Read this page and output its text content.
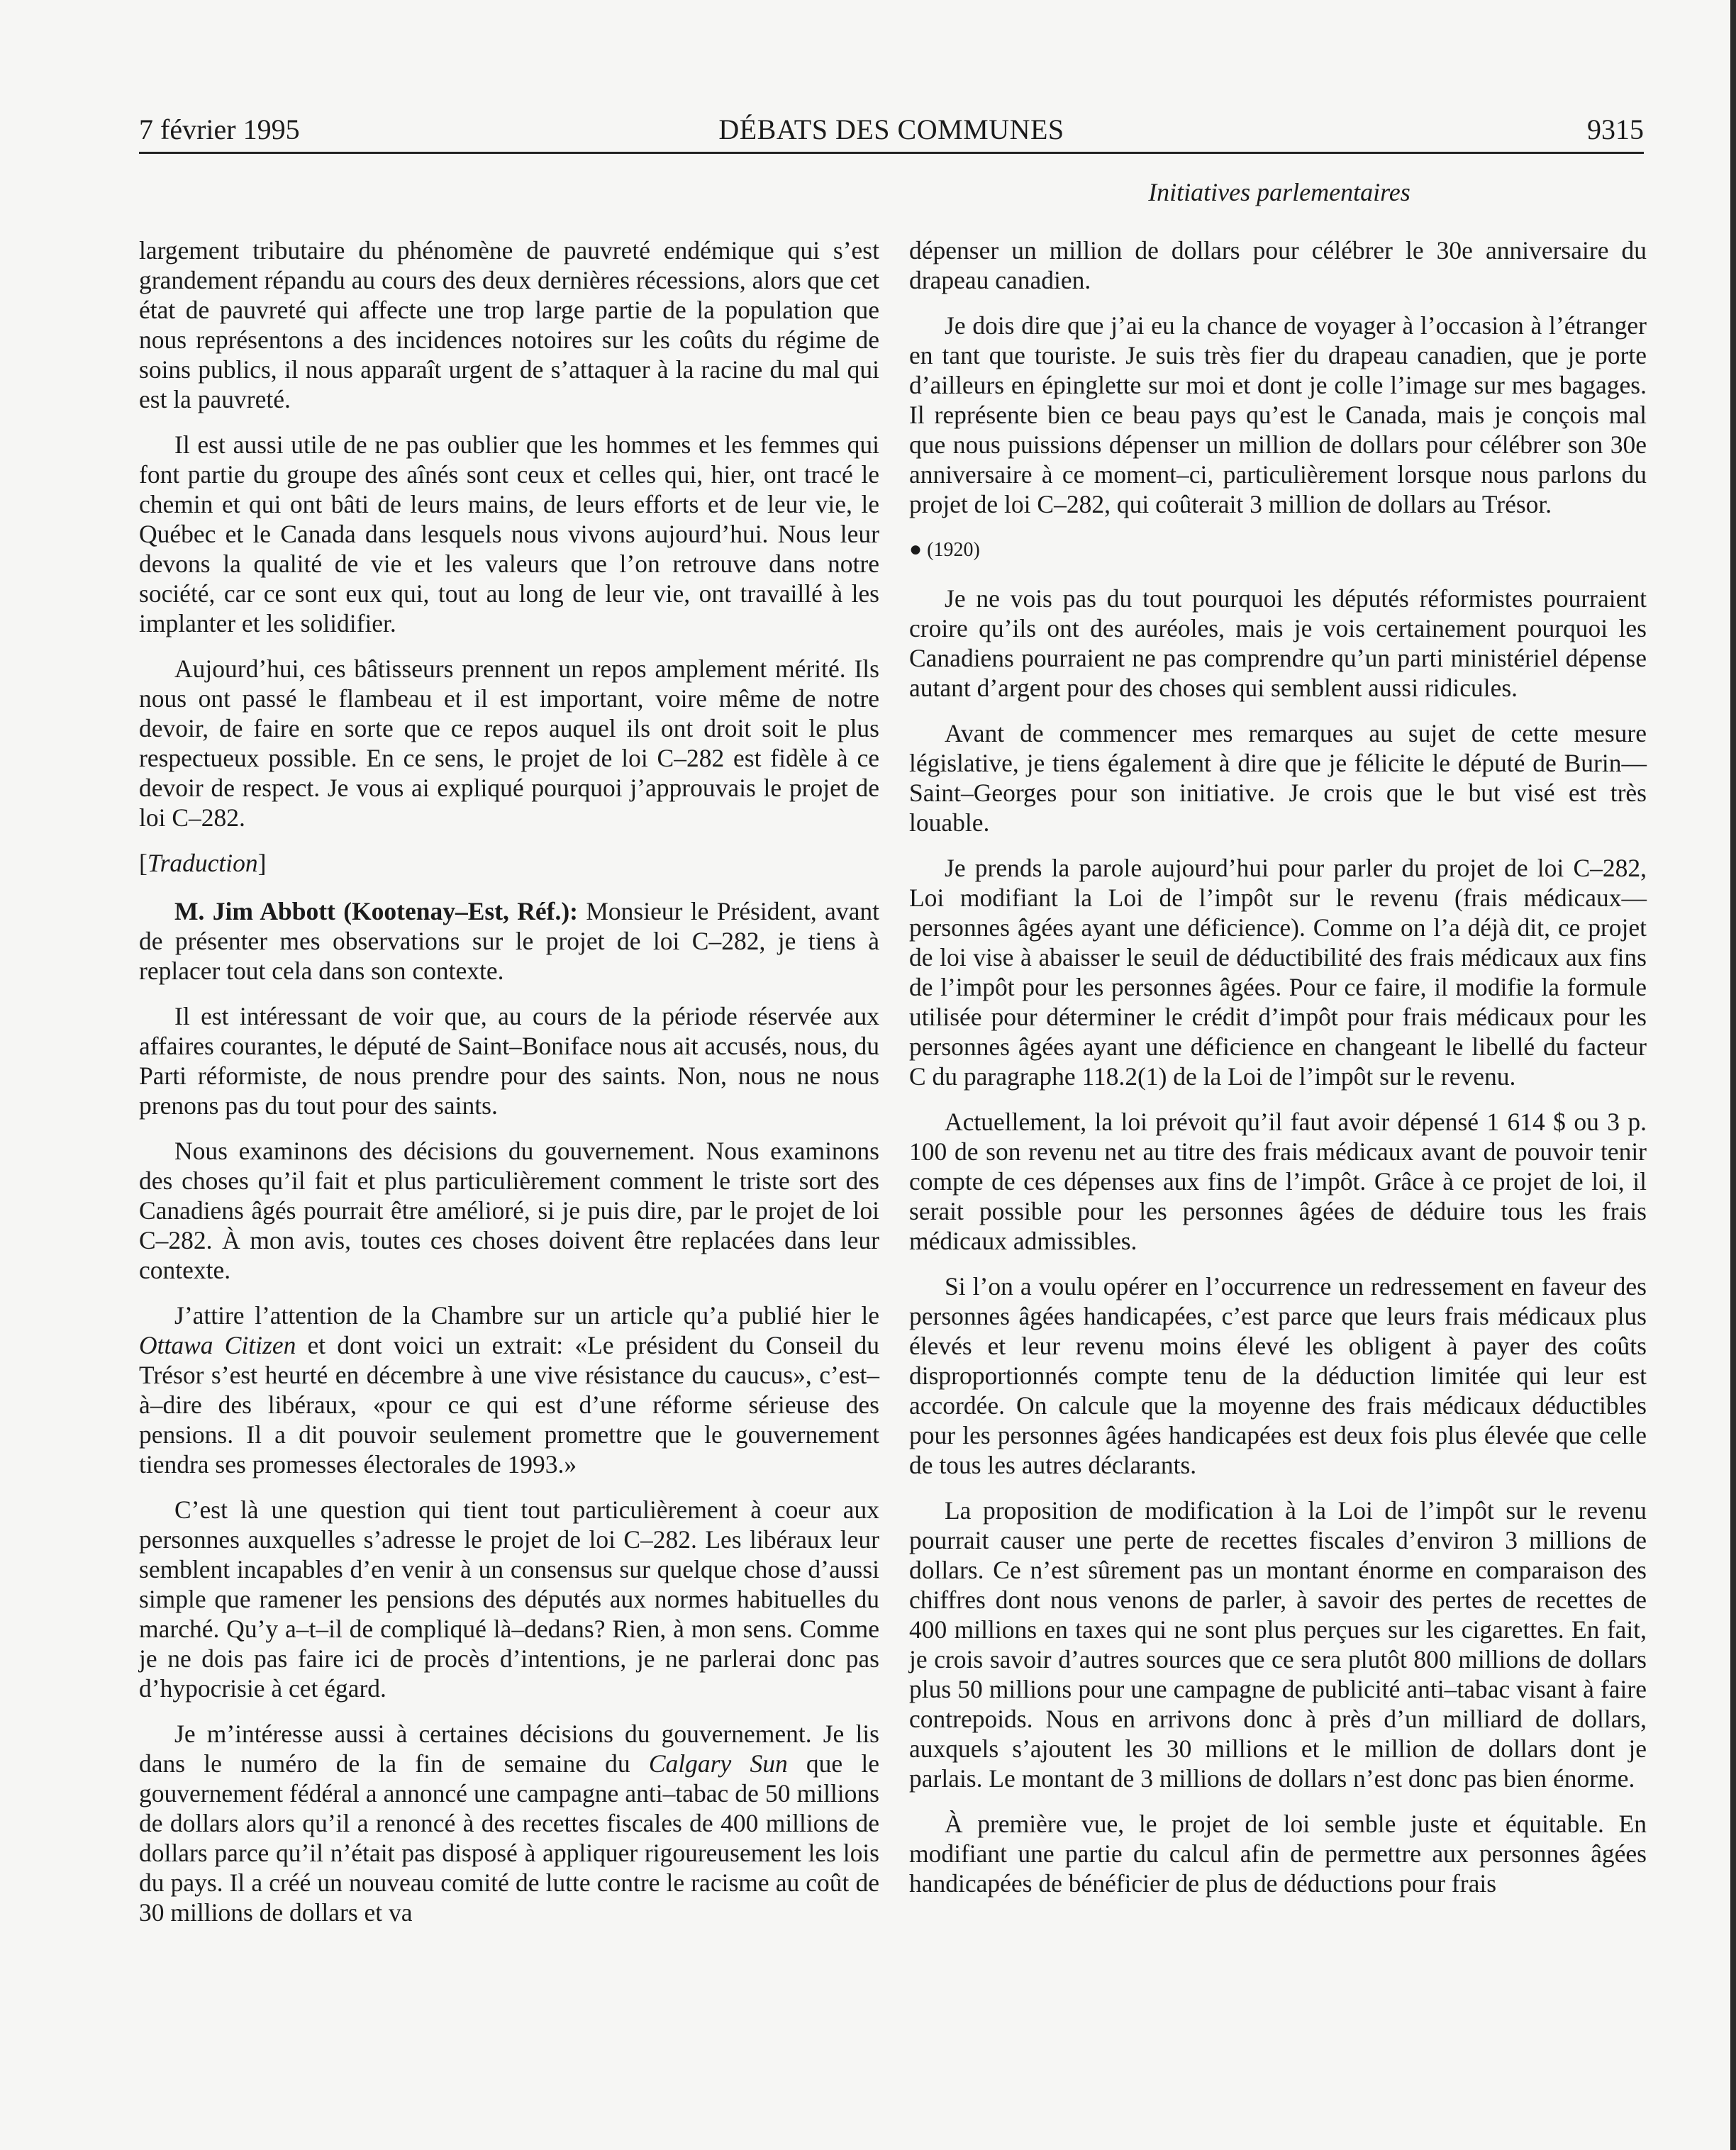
7 février 1995	DÉBATS DES COMMUNES	9315
Initiatives parlementaires

largement tributaire du phénomène de pauvreté endémique qui s’est grandement répandu au cours des deux dernières récessions, alors que cet état de pauvreté qui affecte une trop large partie de la population que nous représentons a des incidences notoires sur les coûts du régime de soins publics, il nous apparaît urgent de s’attaquer à la racine du mal qui est la pauvreté.

Il est aussi utile de ne pas oublier que les hommes et les femmes qui font partie du groupe des aînés sont ceux et celles qui, hier, ont tracé le chemin et qui ont bâti de leurs mains, de leurs efforts et de leur vie, le Québec et le Canada dans lesquels nous vivons aujourd’hui. Nous leur devons la qualité de vie et les valeurs que l’on retrouve dans notre société, car ce sont eux qui, tout au long de leur vie, ont travaillé à les implanter et les solidifier.

Aujourd’hui, ces bâtisseurs prennent un repos amplement mérité. Ils nous ont passé le flambeau et il est important, voire même de notre devoir, de faire en sorte que ce repos auquel ils ont droit soit le plus respectueux possible. En ce sens, le projet de loi C–282 est fidèle à ce devoir de respect. Je vous ai expliqué pourquoi j’approuvais le projet de loi C–282.

[Traduction]

M. Jim Abbott (Kootenay–Est, Réf.): Monsieur le Président, avant de présenter mes observations sur le projet de loi C–282, je tiens à replacer tout cela dans son contexte.

Il est intéressant de voir que, au cours de la période réservée aux affaires courantes, le député de Saint–Boniface nous ait accusés, nous, du Parti réformiste, de nous prendre pour des saints. Non, nous ne nous prenons pas du tout pour des saints.

Nous examinons des décisions du gouvernement. Nous examinons des choses qu’il fait et plus particulièrement comment le triste sort des Canadiens âgés pourrait être amélioré, si je puis dire, par le projet de loi C–282. À mon avis, toutes ces choses doivent être replacées dans leur contexte.

J’attire l’attention de la Chambre sur un article qu’a publié hier le Ottawa Citizen et dont voici un extrait: «Le président du Conseil du Trésor s’est heurté en décembre à une vive résistance du caucus», c’est–à–dire des libéraux, «pour ce qui est d’une réforme sérieuse des pensions. Il a dit pouvoir seulement promettre que le gouvernement tiendra ses promesses électorales de 1993.»

C’est là une question qui tient tout particulièrement à coeur aux personnes auxquelles s’adresse le projet de loi C–282. Les libéraux leur semblent incapables d’en venir à un consensus sur quelque chose d’aussi simple que ramener les pensions des députés aux normes habituelles du marché. Qu’y a–t–il de compliqué là–dedans? Rien, à mon sens. Comme je ne dois pas faire ici de procès d’intentions, je ne parlerai donc pas d’hypocrisie à cet égard.

Je m’intéresse aussi à certaines décisions du gouvernement. Je lis dans le numéro de la fin de semaine du Calgary Sun que le gouvernement fédéral a annoncé une campagne anti–tabac de 50 millions de dollars alors qu’il a renoncé à des recettes fiscales de 400 millions de dollars parce qu’il n’était pas disposé à appliquer rigoureusement les lois du pays. Il a créé un nouveau comité de lutte contre le racisme au coût de 30 millions de dollars et va

dépenser un million de dollars pour célébrer le 30e anniversaire du drapeau canadien.

Je dois dire que j’ai eu la chance de voyager à l’occasion à l’étranger en tant que touriste. Je suis très fier du drapeau canadien, que je porte d’ailleurs en épinglette sur moi et dont je colle l’image sur mes bagages. Il représente bien ce beau pays qu’est le Canada, mais je conçois mal que nous puissions dépenser un million de dollars pour célébrer son 30e anniversaire à ce moment–ci, particulièrement lorsque nous parlons du projet de loi C–282, qui coûterait 3 million de dollars au Trésor.

● (1920)

Je ne vois pas du tout pourquoi les députés réformistes pourraient croire qu’ils ont des auréoles, mais je vois certainement pourquoi les Canadiens pourraient ne pas comprendre qu’un parti ministériel dépense autant d’argent pour des choses qui semblent aussi ridicules.

Avant de commencer mes remarques au sujet de cette mesure législative, je tiens également à dire que je félicite le député de Burin—Saint–Georges pour son initiative. Je crois que le but visé est très louable.

Je prends la parole aujourd’hui pour parler du projet de loi C–282, Loi modifiant la Loi de l’impôt sur le revenu (frais médicaux—personnes âgées ayant une déficience). Comme on l’a déjà dit, ce projet de loi vise à abaisser le seuil de déductibilité des frais médicaux aux fins de l’impôt pour les personnes âgées. Pour ce faire, il modifie la formule utilisée pour déterminer le crédit d’impôt pour frais médicaux pour les personnes âgées ayant une déficience en changeant le libellé du facteur C du paragraphe 118.2(1) de la Loi de l’impôt sur le revenu.

Actuellement, la loi prévoit qu’il faut avoir dépensé 1 614 $ ou 3 p. 100 de son revenu net au titre des frais médicaux avant de pouvoir tenir compte de ces dépenses aux fins de l’impôt. Grâce à ce projet de loi, il serait possible pour les personnes âgées de déduire tous les frais médicaux admissibles.

Si l’on a voulu opérer en l’occurrence un redressement en faveur des personnes âgées handicapées, c’est parce que leurs frais médicaux plus élevés et leur revenu moins élevé les obligent à payer des coûts disproportionnés compte tenu de la déduction limitée qui leur est accordée. On calcule que la moyenne des frais médicaux déductibles pour les personnes âgées handicapées est deux fois plus élevée que celle de tous les autres déclarants.

La proposition de modification à la Loi de l’impôt sur le revenu pourrait causer une perte de recettes fiscales d’environ 3 millions de dollars. Ce n’est sûrement pas un montant énorme en comparaison des chiffres dont nous venons de parler, à savoir des pertes de recettes de 400 millions en taxes qui ne sont plus perçues sur les cigarettes. En fait, je crois savoir d’autres sources que ce sera plutôt 800 millions de dollars plus 50 millions pour une campagne de publicité anti–tabac visant à faire contrepoids. Nous en arrivons donc à près d’un milliard de dollars, auxquels s’ajoutent les 30 millions et le million de dollars dont je parlais. Le montant de 3 millions de dollars n’est donc pas bien énorme.

À première vue, le projet de loi semble juste et équitable. En modifiant une partie du calcul afin de permettre aux personnes âgées handicapées de bénéficier de plus de déductions pour frais
